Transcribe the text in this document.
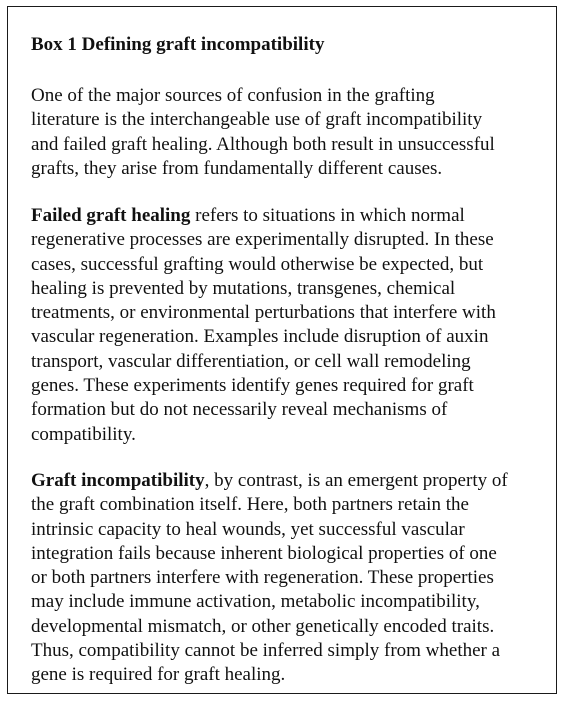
Box 1 Defining graft incompatibility
One of the major sources of confusion in the grafting
literature is the interchangeable use of graft incompatibility
and failed graft healing. Although both result in unsuccessful
grafts, they arise from fundamentally different causes.
Failed graft healing refers to situations in which normal
regenerative processes are experimentally disrupted. In these
cases, successful grafting would otherwise be expected, but
healing is prevented by mutations, transgenes, chemical
treatments, or environmental perturbations that interfere with
vascular regeneration. Examples include disruption of auxin
transport, vascular differentiation, or cell wall remodeling
genes. These experiments identify genes required for graft
formation but do not necessarily reveal mechanisms of
compatibility.
Graft incompatibility, by contrast, is an emergent property of
the graft combination itself. Here, both partners retain the
intrinsic capacity to heal wounds, yet successful vascular
integration fails because inherent biological properties of one
or both partners interfere with regeneration. These properties
may include immune activation, metabolic incompatibility,
developmental mismatch, or other genetically encoded traits.
Thus, compatibility cannot be inferred simply from whether a
gene is required for graft healing.
